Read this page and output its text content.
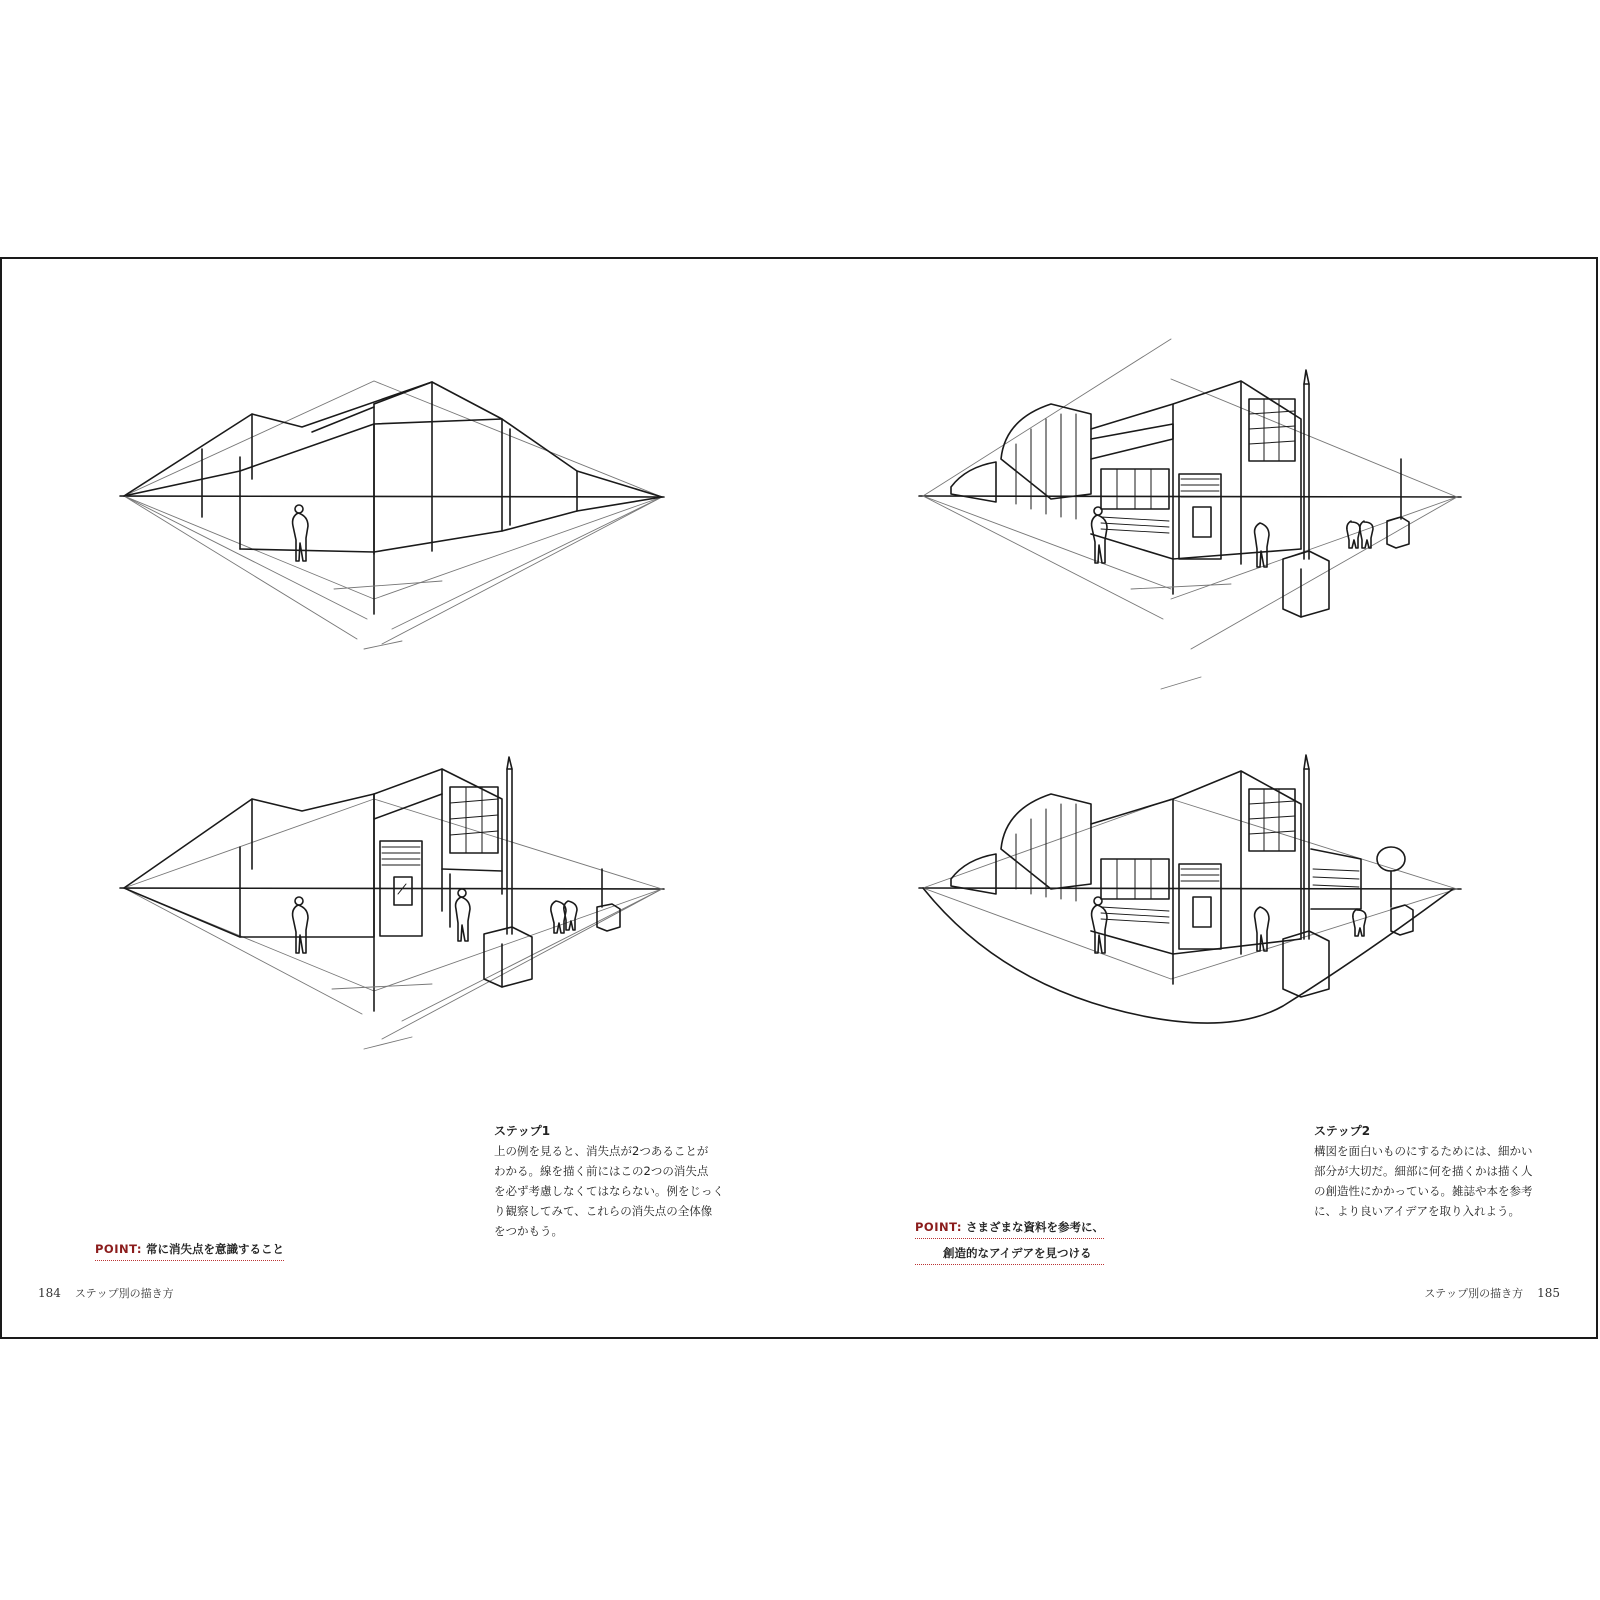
ステップ1
上の例を見ると、消失点が2つあることが
わかる。線を描く前にはこの2つの消失点
を必ず考慮しなくてはならない。例をじっく
り観察してみて、これらの消失点の全体像
をつかもう。
POINT: 常に消失点を意識すること
184 ステップ別の描き方
ステップ2
構図を面白いものにするためには、細かい
部分が大切だ。細部に何を描くかは描く人
の創造性にかかっている。雑誌や本を参考
に、より良いアイデアを取り入れよう。
POINT: さまざまな資料を参考に、
創造的なアイデアを見つける
ステップ別の描き方 185
